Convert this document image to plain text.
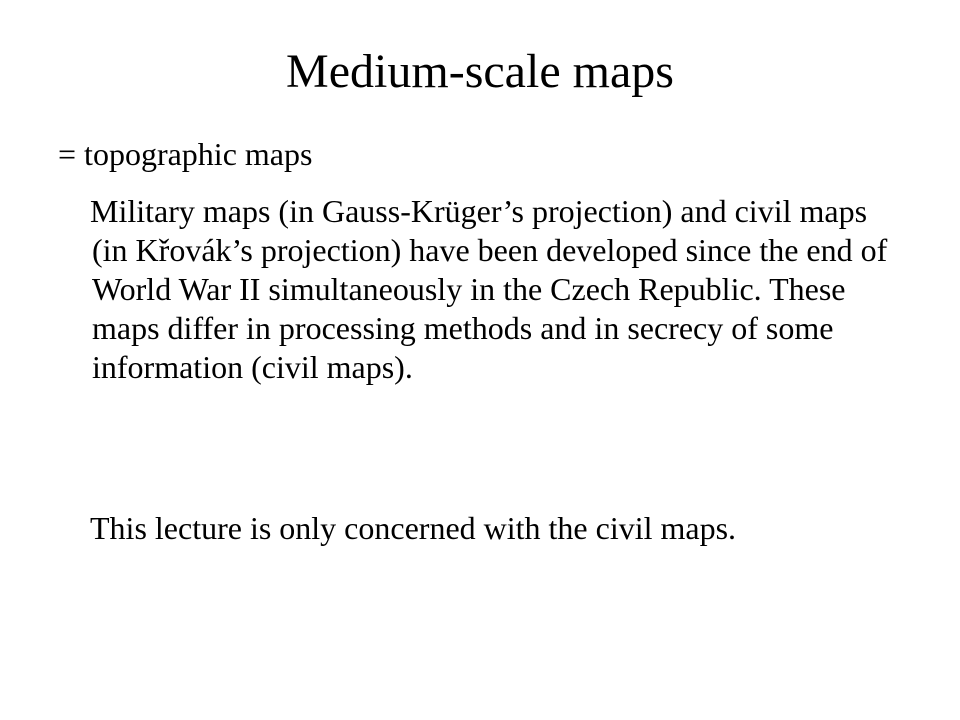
Medium-scale maps

= topographic maps

Military maps (in Gauss-Krüger’s projection) and civil maps (in Křovák’s projection) have been developed since the end of World War II simultaneously in the Czech Republic. These maps differ in processing methods and in secrecy of some information (civil maps).

This lecture is only concerned with the civil maps.
